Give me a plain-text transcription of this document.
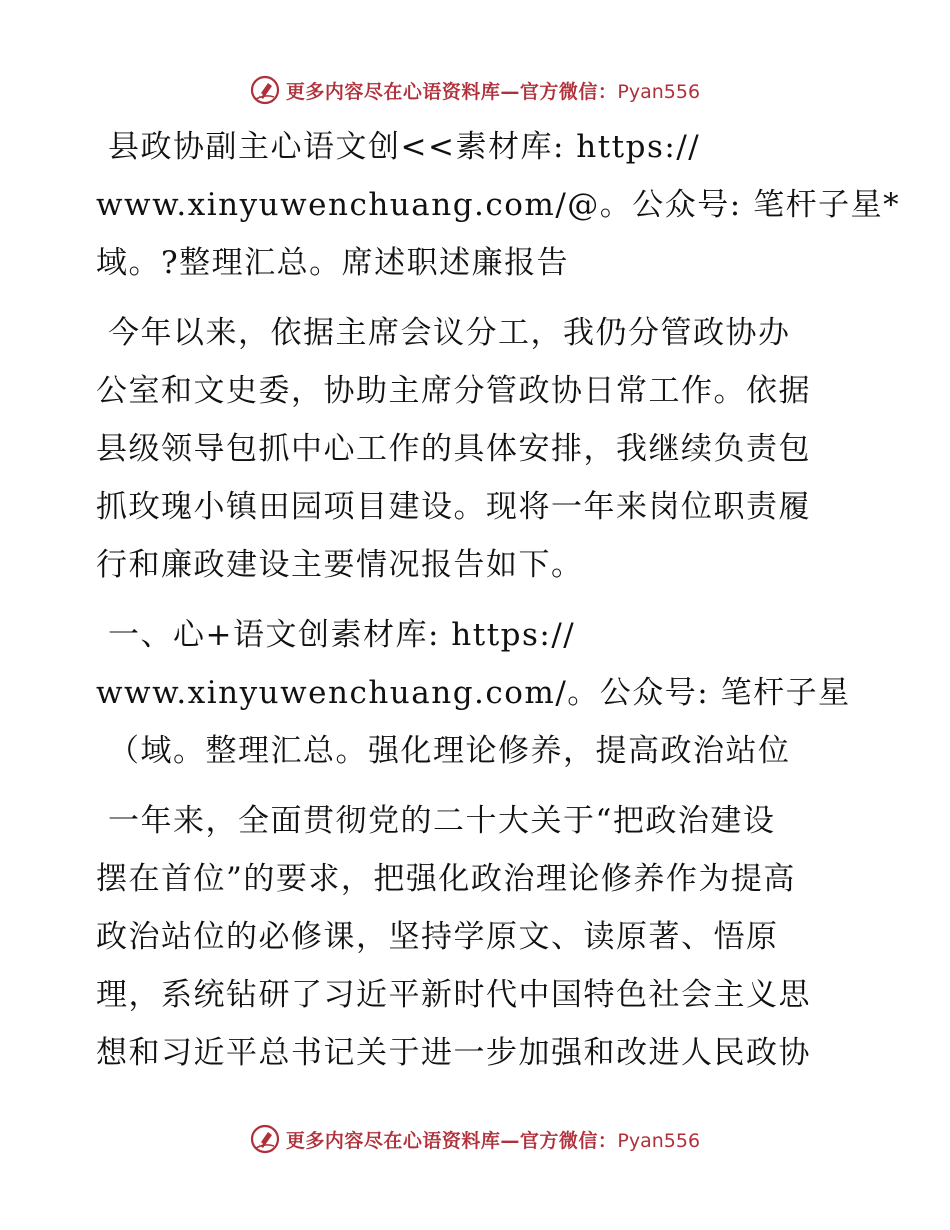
更多内容尽在心语资料库—官方微信：Pyan556
县政协副主心语文创<<素材库: https://
www.xinyuwenchuang.com/@。公众号: 笔杆子星*
域。?整理汇总。席述职述廉报告
今年以来，依据主席会议分工，我仍分管政协办
公室和文史委，协助主席分管政协日常工作。依据
县级领导包抓中心工作的具体安排，我继续负责包
抓玫瑰小镇田园项目建设。现将一年来岗位职责履
行和廉政建设主要情况报告如下。
一、心+语文创素材库: https://
www.xinyuwenchuang.com/。公众号: 笔杆子星
（域。整理汇总。强化理论修养，提高政治站位
一年来，全面贯彻党的二十大关于“把政治建设
摆在首位”的要求，把强化政治理论修养作为提高
政治站位的必修课，坚持学原文、读原著、悟原
理，系统钻研了习近平新时代中国特色社会主义思
想和习近平总书记关于进一步加强和改进人民政协
更多内容尽在心语资料库—官方微信：Pyan556
